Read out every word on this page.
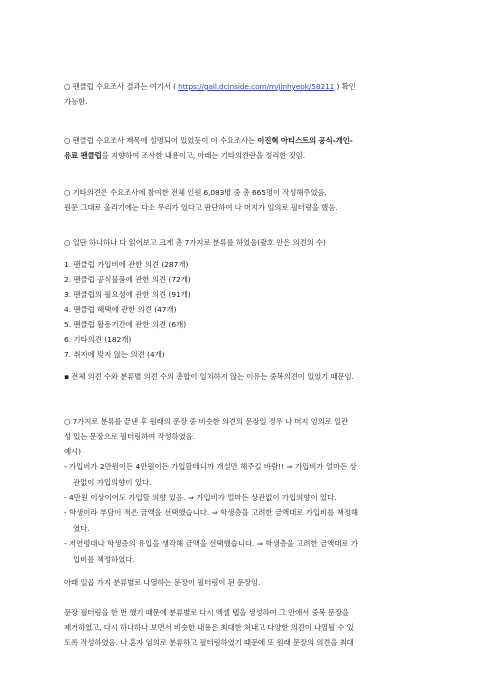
○ 팬클럽 수요조사 결과는 여기서 ( https://gall.dcinside.com/m/jinhyeok/58211 ) 확인
가능함.
○ 팬클럽 수요조사 제목에 설명되어 있었듯이 이 수요조사는 이진혁 아티스트의 공식-개인-
유료 팬클럽을 지향하여 조사한 내용이고, 아래는 기타의견란을 정리한 것임.
○ 기타의견은 수요조사에 참여한 전체 인원 6,083명 중 총 665명이 작성해주었음.
원문 그대로 올리기에는 다소 무리가 있다고 판단하여 나 머지가 임의로 필터링을 했음.
○ 일단 하나하나 다 읽어보고 크게 총 7가지로 분류를 하였음(괄호 안은 의견의 수)
1. 팬클럽 가입비에 관한 의견 (287개)
2. 팬클럽 공식물품에 관한 의견 (72개)
3. 팬클럽의 필요성에 관한 의견 (91개)
4. 팬클럽 혜택에 관한 의견 (47개)
5. 팬클럽 활동기간에 관한 의견 (6개)
6. 기타의견 (182개)
7. 취지에 맞지 않는 의견 (4개)
▪ 전체 의견 수와 분류별 의견 수의 총합이 일치하지 않는 이유는 중복의견이 있었기 때문임.
○ 7가지로 분류를 끝낸 후 원래의 문장 중 비슷한 의견의 문장일 경우 나 머지 임의로 일관
성 있는 문장으로 필터링하여 작성하였음.
예시)
- 가입비가 2만원이든 4만원이든 가입할테니까 개설만 해주길 바람!! ⇒ 가입비가 얼마든 상
관없이 가입의향이 있다.
- 4만원 이상이어도 가입할 의향 있음. ⇒ 가입비가 얼마든 상관없이 가입의향이 있다.
- 학생이라 부담이 적은 금액을 선택했습니다. ⇒ 학생층을 고려한 금액대로 가입비를 책정해
였다.
- 저연령대나 학생층의 유입을 생각해 금액을 선택했습니다. ⇒ 학생층을 고려한 금액대로 가
입비를 책정하였다.
아래 일곱 가지 분류별로 나열하는 문장이 필터링이 된 문장임.
문장 필터링을 한 번 했기 때문에 분류별로 다시 엑셀 탭을 생성하여 그 안에서 중복 문장을
제거하였고, 다시 하나하나 보면서 비슷한 내용은 최대한 쳐내고 다양한 의견이 나열될 수 있
도록 작성하였음. 나 혼자 임의로 분류하고 필터링하였기 때문에 또 원래 문장의 의견을 최대
